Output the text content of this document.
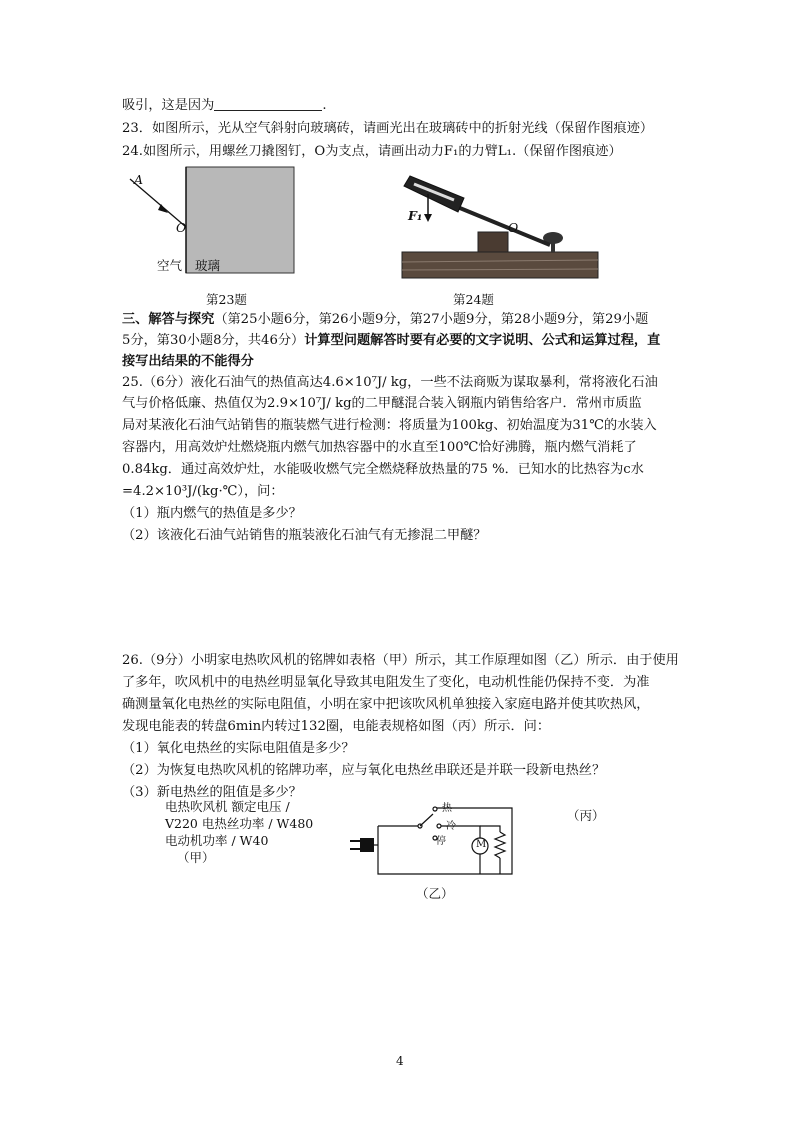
吸引，这是因为	.
23．如图所示，光从空气斜射向玻璃砖，请画光出在玻璃砖中的折射光线（保留作图痕迹）
24.如图所示，用螺丝刀撬图钉，O为支点，请画出动力F₁的力臂L₁.（保留作图痕迹）
A
O
空气 玻璃
第23题
F₁
O
第24题
三、解答与探究（第25小题6分，第26小题9分，第27小题9分，第28小题9分，第29小题
5分，第30小题8分，共46分）计算型问题解答时要有必要的文字说明、公式和运算过程，直
接写出结果的不能得分
25.（6分）液化石油气的热值高达4.6×10⁷J/ kg，一些不法商贩为谋取暴利，常将液化石油
气与价格低廉、热值仅为2.9×10⁷J/ kg的二甲醚混合装入钢瓶内销售给客户．常州市质监
局对某液化石油气站销售的瓶装燃气进行检测：将质量为100kg、初始温度为31℃的水装入
容器内，用高效炉灶燃烧瓶内燃气加热容器中的水直至100℃恰好沸腾，瓶内燃气消耗了
0.84kg．通过高效炉灶，水能吸收燃气完全燃烧释放热量的75 %．已知水的比热容为c水
=4.2×10³J/(kg·℃），问：
（1）瓶内燃气的热值是多少？
（2）该液化石油气站销售的瓶装液化石油气有无掺混二甲醚？
26.（9分）小明家电热吹风机的铭牌如表格（甲）所示，其工作原理如图（乙）所示．由于使用
了多年，吹风机中的电热丝明显氧化导致其电阻发生了变化，电动机性能仍保持不变．为准
确测量氧化电热丝的实际电阻值，小明在家中把该吹风机单独接入家庭电路并使其吹热风，
发现电能表的转盘6min内转过132圈，电能表规格如图（丙）所示．问：
（1）氧化电热丝的实际电阻值是多少？
（2）为恢复电热吹风机的铭牌功率，应与氧化电热丝串联还是并联一段新电热丝？
（3）新电热丝的阻值是多少？
电热吹风机 额定电压 /
V220 电热丝功率 / W480
电动机功率 / W40
（甲）
热
冷
停	M
（乙）
（丙）
4
